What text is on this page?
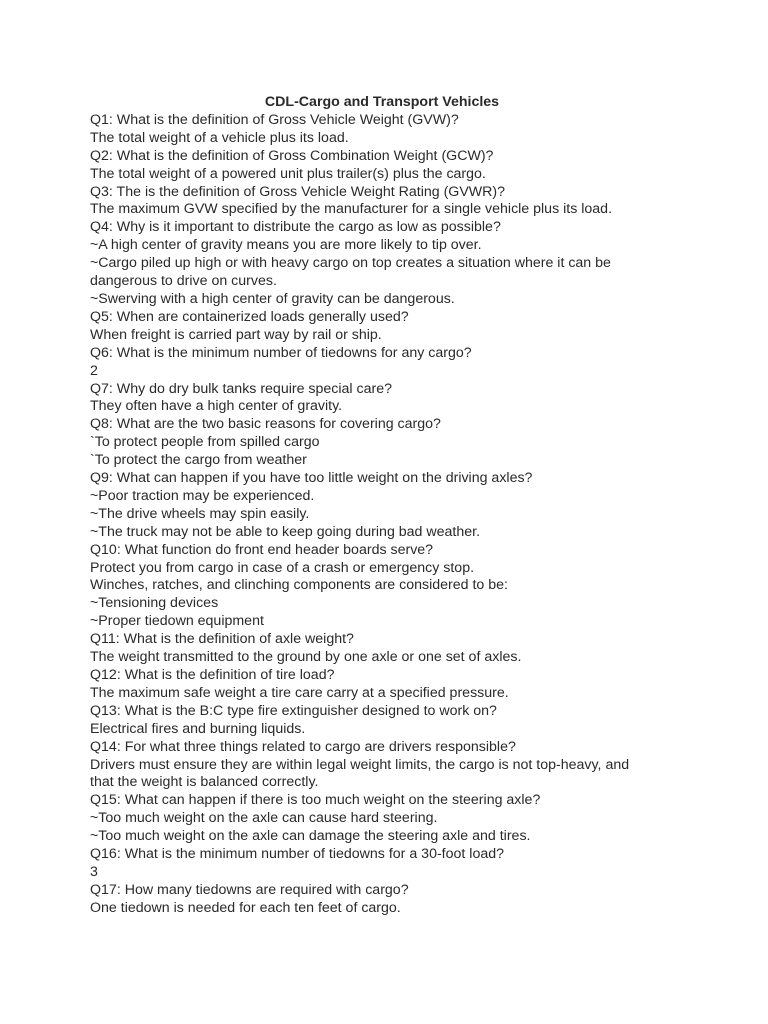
CDL-Cargo and Transport Vehicles
Q1: What is the definition of Gross Vehicle Weight (GVW)?
The total weight of a vehicle plus its load.
Q2: What is the definition of Gross Combination Weight (GCW)?
The total weight of a powered unit plus trailer(s) plus the cargo.
Q3: The is the definition of Gross Vehicle Weight Rating (GVWR)?
The maximum GVW specified by the manufacturer for a single vehicle plus its load.
Q4: Why is it important to distribute the cargo as low as possible?
~A high center of gravity means you are more likely to tip over.
~Cargo piled up high or with heavy cargo on top creates a situation where it can be
dangerous to drive on curves.
~Swerving with a high center of gravity can be dangerous.
Q5: When are containerized loads generally used?
When freight is carried part way by rail or ship.
Q6: What is the minimum number of tiedowns for any cargo?
2
Q7: Why do dry bulk tanks require special care?
They often have a high center of gravity.
Q8: What are the two basic reasons for covering cargo?
`To protect people from spilled cargo
`To protect the cargo from weather
Q9: What can happen if you have too little weight on the driving axles?
~Poor traction may be experienced.
~The drive wheels may spin easily.
~The truck may not be able to keep going during bad weather.
Q10: What function do front end header boards serve?
Protect you from cargo in case of a crash or emergency stop.
Winches, ratches, and clinching components are considered to be:
~Tensioning devices
~Proper tiedown equipment
Q11: What is the definition of axle weight?
The weight transmitted to the ground by one axle or one set of axles.
Q12: What is the definition of tire load?
The maximum safe weight a tire care carry at a specified pressure.
Q13: What is the B:C type fire extinguisher designed to work on?
Electrical fires and burning liquids.
Q14: For what three things related to cargo are drivers responsible?
Drivers must ensure they are within legal weight limits, the cargo is not top-heavy, and
that the weight is balanced correctly.
Q15: What can happen if there is too much weight on the steering axle?
~Too much weight on the axle can cause hard steering.
~Too much weight on the axle can damage the steering axle and tires.
Q16: What is the minimum number of tiedowns for a 30-foot load?
3
Q17: How many tiedowns are required with cargo?
One tiedown is needed for each ten feet of cargo.
